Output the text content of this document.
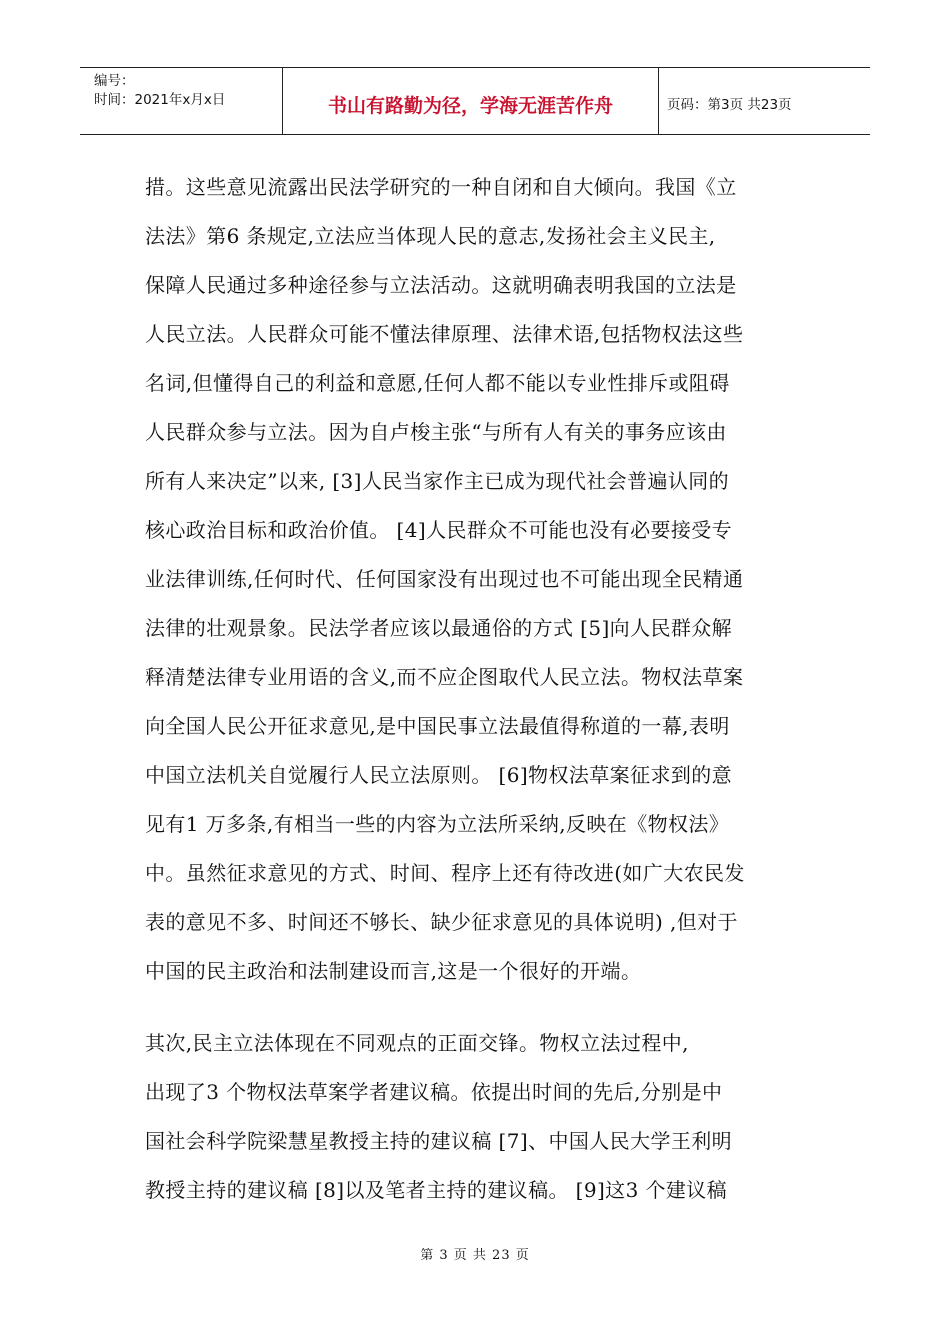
编号：
时间：2021年x月x日	书山有路勤为径，学海无涯苦作舟	页码：第3页 共23页

措。这些意见流露出民法学研究的一种自闭和自大倾向。我国《立
法法》第6 条规定,立法应当体现人民的意志,发扬社会主义民主,
保障人民通过多种途径参与立法活动。这就明确表明我国的立法是
人民立法。人民群众可能不懂法律原理、法律术语,包括物权法这些
名词,但懂得自己的利益和意愿,任何人都不能以专业性排斥或阻碍
人民群众参与立法。因为自卢梭主张“与所有人有关的事务应该由
所有人来决定”以来, [3]人民当家作主已成为现代社会普遍认同的
核心政治目标和政治价值。 [4]人民群众不可能也没有必要接受专
业法律训练,任何时代、任何国家没有出现过也不可能出现全民精通
法律的壮观景象。民法学者应该以最通俗的方式 [5]向人民群众解
释清楚法律专业用语的含义,而不应企图取代人民立法。物权法草案
向全国人民公开征求意见,是中国民事立法最值得称道的一幕,表明
中国立法机关自觉履行人民立法原则。 [6]物权法草案征求到的意
见有1 万多条,有相当一些的内容为立法所采纳,反映在《物权法》
中。虽然征求意见的方式、时间、程序上还有待改进(如广大农民发
表的意见不多、时间还不够长、缺少征求意见的具体说明) ,但对于
中国的民主政治和法制建设而言,这是一个很好的开端。

其次,民主立法体现在不同观点的正面交锋。物权立法过程中,
出现了3 个物权法草案学者建议稿。依提出时间的先后,分别是中
国社会科学院梁慧星教授主持的建议稿 [7]、中国人民大学王利明
教授主持的建议稿 [8]以及笔者主持的建议稿。 [9]这3 个建议稿

第 3 页 共 23 页
